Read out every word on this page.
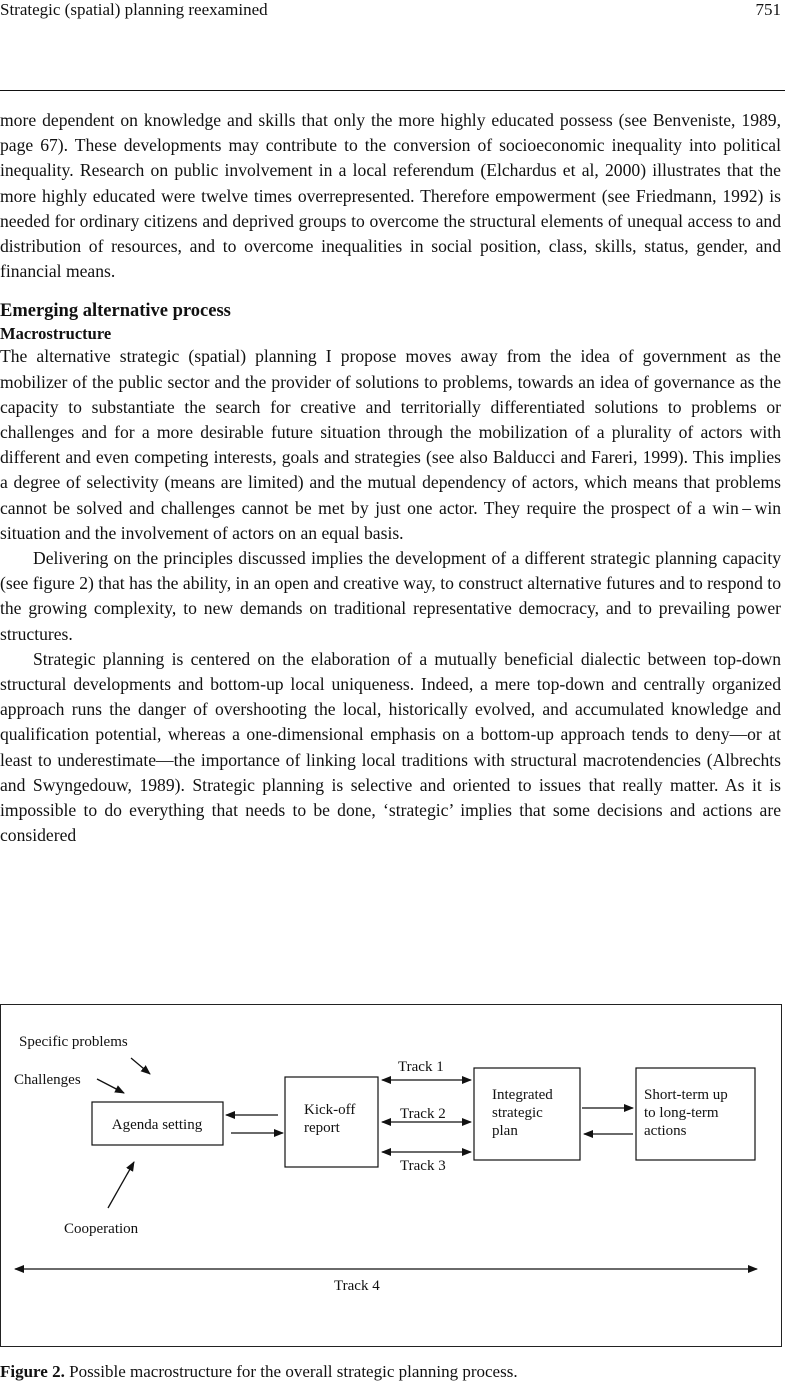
Strategic (spatial) planning reexamined	751

more dependent on knowledge and skills that only the more highly educated possess (see Benveniste, 1989, page 67). These developments may contribute to the conversion of socioeconomic inequality into political inequality. Research on public involvement in a local referendum (Elchardus et al, 2000) illustrates that the more highly educated were twelve times overrepresented. Therefore empowerment (see Friedmann, 1992) is needed for ordinary citizens and deprived groups to overcome the structural elements of unequal access to and distribution of resources, and to overcome inequalities in social position, class, skills, status, gender, and financial means.

Emerging alternative process

Macrostructure

The alternative strategic (spatial) planning I propose moves away from the idea of government as the mobilizer of the public sector and the provider of solutions to problems, towards an idea of governance as the capacity to substantiate the search for creative and territorially differentiated solutions to problems or challenges and for a more desirable future situation through the mobilization of a plurality of actors with different and even competing interests, goals and strategies (see also Balducci and Fareri, 1999). This implies a degree of selectivity (means are limited) and the mutual dependency of actors, which means that problems cannot be solved and challenges cannot be met by just one actor. They require the prospect of a win – win situation and the involvement of actors on an equal basis.

Delivering on the principles discussed implies the development of a different strategic planning capacity (see figure 2) that has the ability, in an open and creative way, to construct alternative futures and to respond to the growing complexity, to new demands on traditional representative democracy, and to prevailing power structures.

Strategic planning is centered on the elaboration of a mutually beneficial dialectic between top-down structural developments and bottom-up local uniqueness. Indeed, a mere top-down and centrally organized approach runs the danger of overshooting the local, historically evolved, and accumulated knowledge and qualification potential, whereas a one-dimensional emphasis on a bottom-up approach tends to deny—or at least to underestimate—the importance of linking local traditions with structural macrotendencies (Albrechts and Swyngedouw, 1989). Strategic planning is selective and oriented to issues that really matter. As it is impossible to do everything that needs to be done, ‘strategic’ implies that some decisions and actions are considered

Specific problems
Challenges
Cooperation
Agenda setting
Kick-off
report
Track 1
Track 2
Track 3
Integrated
strategic
plan
Short-term up
to long-term
actions
Track 4
Figure 2. Possible macrostructure for the overall strategic planning process.
